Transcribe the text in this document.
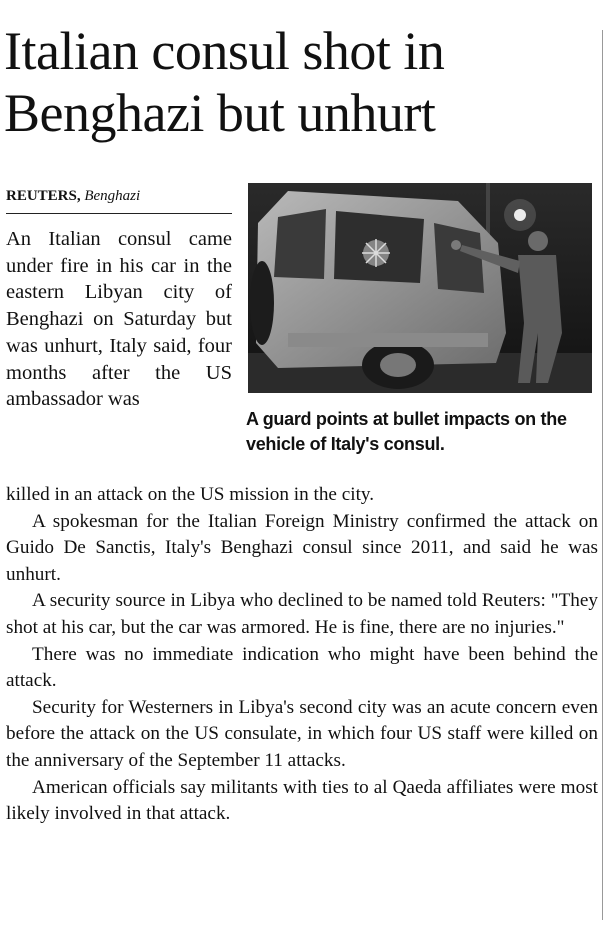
Italian consul shot in Benghazi but unhurt
REUTERS, Benghazi

An Italian consul came under fire in his car in the eastern Libyan city of Benghazi on Saturday but was unhurt, Italy said, four months after the US ambassador was

A guard points at bullet impacts on the vehicle of Italy's consul.

killed in an attack on the US mission in the city.

A spokesman for the Italian Foreign Ministry confirmed the attack on Guido De Sanctis, Italy's Benghazi consul since 2011, and said he was unhurt.

A security source in Libya who declined to be named told Reuters: "They shot at his car, but the car was armored. He is fine, there are no injuries."

There was no immediate indication who might have been behind the attack.

Security for Westerners in Libya's second city was an acute concern even before the attack on the US consulate, in which four US staff were killed on the anniversary of the September 11 attacks.

American officials say militants with ties to al Qaeda affiliates were most likely involved in that attack.
